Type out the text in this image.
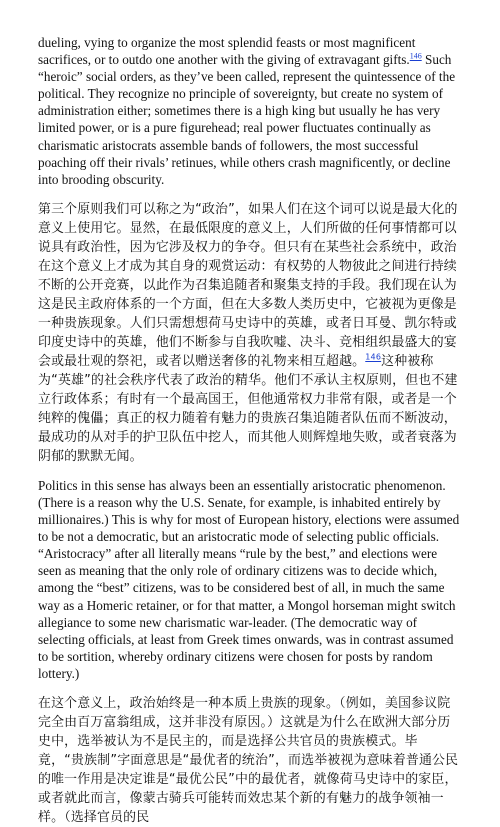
dueling, vying to organize the most splendid feasts or most magnificent sacrifices, or to outdo one another with the giving of extravagant gifts.$^{146}$ Such “heroic” social orders, as they’ve been called, represent the quintessence of the political. They recognize no principle of sovereignty, but create no system of administration either; sometimes there is a high king but usually he has very limited power, or is a pure figurehead; real power fluctuates continually as charismatic aristocrats assemble bands of followers, the most successful poaching off their rivals’ retinues, while others crash magnificently, or decline into brooding obscurity.

第三个原则我们可以称之为“政治”，如果人们在这个词可以说是最大化的意义上使用它。显然，在最低限度的意义上，人们所做的任何事情都可以说具有政治性，因为它涉及权力的争夺。但只有在某些社会系统中，政治在这个意义上才成为其自身的观赏运动：有权势的人物彼此之间进行持续不断的公开竞赛，以此作为召集追随者和聚集支持的手段。我们现在认为这是民主政府体系的一个方面，但在大多数人类历史中，它被视为更像是一种贵族现象。人们只需想想荷马史诗中的英雄，或者日耳曼、凯尔特或印度史诗中的英雄，他们不断参与自我吹嘘、决斗、竞相组织最盛大的宴会或最壮观的祭祀，或者以赠送奢侈的礼物来相互超越。$^{146}$这种被称为“英雄”的社会秩序代表了政治的精华。他们不承认主权原则，但也不建立行政体系；有时有一个最高国王，但他通常权力非常有限，或者是一个纯粹的傀儡；真正的权力随着有魅力的贵族召集追随者队伍而不断波动，最成功的从对手的护卫队伍中挖人，而其他人则辉煌地失败，或者衰落为阴郁的默默无闻。

Politics in this sense has always been an essentially aristocratic phenomenon. (There is a reason why the U.S. Senate, for example, is inhabited entirely by millionaires.) This is why for most of European history, elections were assumed to be not a democratic, but an aristocratic mode of selecting public officials. “Aristocracy” after all literally means “rule by the best,” and elections were seen as meaning that the only role of ordinary citizens was to decide which, among the “best” citizens, was to be considered best of all, in much the same way as a Homeric retainer, or for that matter, a Mongol horseman might switch allegiance to some new charismatic war-leader. (The democratic way of selecting officials, at least from Greek times onwards, was in contrast assumed to be sortition, whereby ordinary citizens were chosen for posts by random lottery.)

在这个意义上，政治始终是一种本质上贵族的现象。（例如，美国参议院完全由百万富翁组成，这并非没有原因。）这就是为什么在欧洲大部分历史中，选举被认为不是民主的，而是选择公共官员的贵族模式。毕竟，“贵族制”字面意思是“最优者的统治”，而选举被视为意味着普通公民的唯一作用是决定谁是“最优公民”中的最优者，就像荷马史诗中的家臣，或者就此而言，像蒙古骑兵可能转而效忠某个新的有魅力的战争领袖一样。（选择官员的民
